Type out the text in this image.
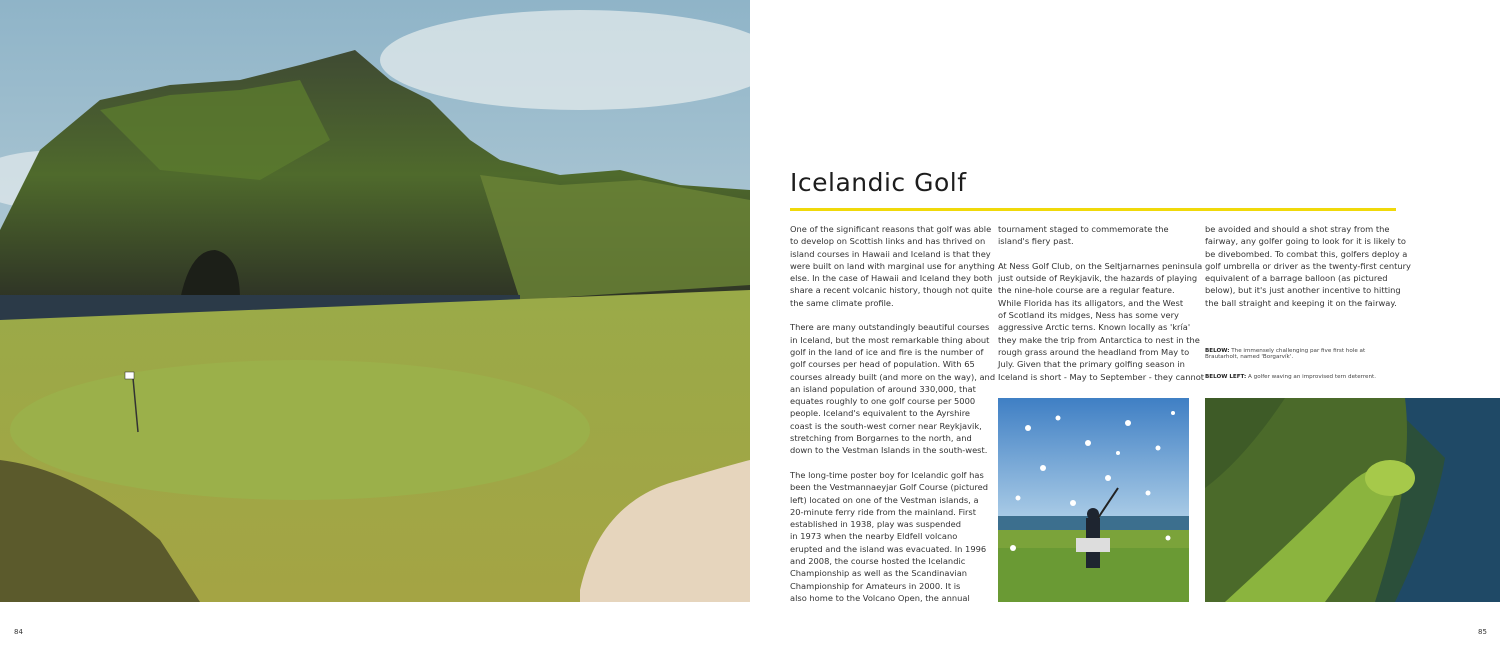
Icelandic Golf
One of the significant reasons that golf was able
to develop on Scottish links and has thrived on
island courses in Hawaii and Iceland is that they
were built on land with marginal use for anything
else. In the case of Hawaii and Iceland they both
share a recent volcanic history, though not quite
the same climate profile.
There are many outstandingly beautiful courses
in Iceland, but the most remarkable thing about
golf in the land of ice and fire is the number of
golf courses per head of population. With 65
courses already built (and more on the way), and
an island population of around 330,000, that
equates roughly to one golf course per 5000
people. Iceland's equivalent to the Ayrshire
coast is the south-west corner near Reykjavik,
stretching from Borgarnes to the north, and
down to the Vestman Islands in the south-west.
The long-time poster boy for Icelandic golf has
been the Vestmannaeyjar Golf Course (pictured
left) located on one of the Vestman islands, a
20-minute ferry ride from the mainland. First
established in 1938, play was suspended
in 1973 when the nearby Eldfell volcano
erupted and the island was evacuated. In 1996
and 2008, the course hosted the Icelandic
Championship as well as the Scandinavian
Championship for Amateurs in 2000. It is
also home to the Volcano Open, the annual
tournament staged to commemorate the
island's fiery past.
At Ness Golf Club, on the Seltjarnarnes peninsula
just outside of Reykjavik, the hazards of playing
the nine-hole course are a regular feature.
While Florida has its alligators, and the West
of Scotland its midges, Ness has some very
aggressive Arctic terns. Known locally as 'kría'
they make the trip from Antarctica to nest in the
rough grass around the headland from May to
July. Given that the primary golfing season in
Iceland is short - May to September - they cannot
be avoided and should a shot stray from the
fairway, any golfer going to look for it is likely to
be divebombed. To combat this, golfers deploy a
golf umbrella or driver as the twenty-first century
equivalent of a barrage balloon (as pictured
below), but it's just another incentive to hitting
the ball straight and keeping it on the fairway.
BELOW: The immensely challenging par five first hole at
Brautarholt, named 'Borgarvík'.
BELOW LEFT: A golfer waving an improvised tern deterrent.
84	85
